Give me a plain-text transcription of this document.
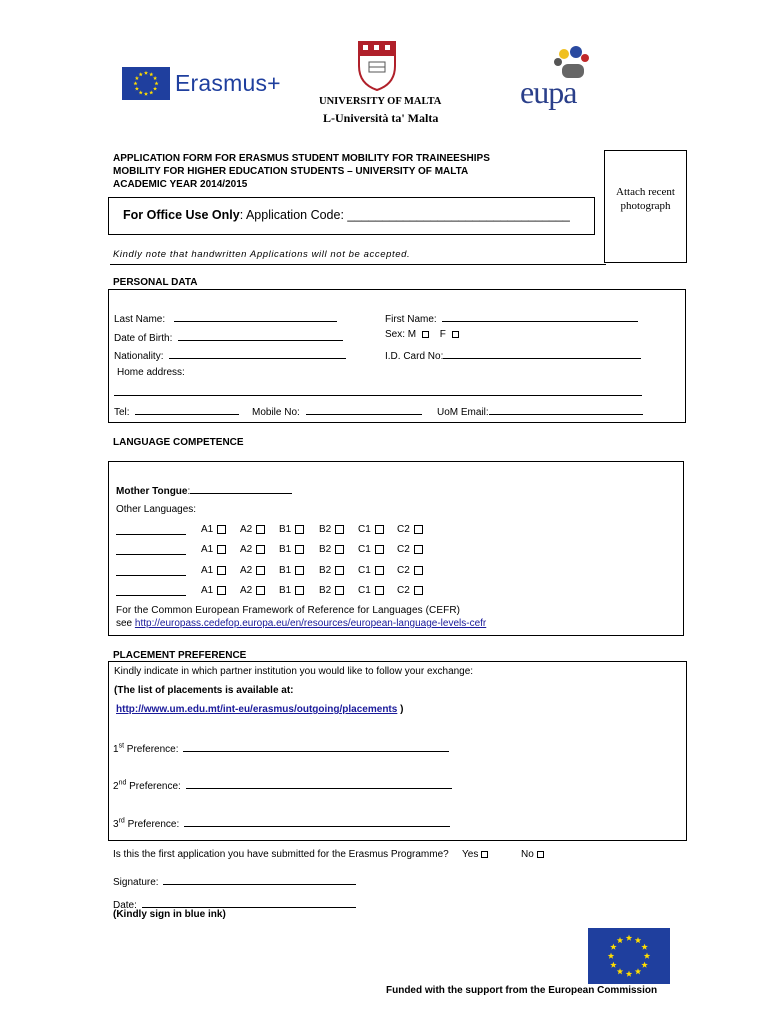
Erasmus+
UNIVERSITY OF MALTA
L-Università ta' Malta
eupa
APPLICATION FORM FOR ERASMUS STUDENT MOBILITY FOR TRAINEESHIPS
MOBILITY FOR HIGHER EDUCATION STUDENTS – UNIVERSITY OF MALTA
ACADEMIC YEAR 2014/2015
For Office Use Only: Application Code: ________________________________
Attach recent
photograph
Kindly note that handwritten Applications will not be accepted.
PERSONAL DATA
Last Name:	First Name:
Date of Birth:	Sex: M F
Nationality:	I.D. Card No:
Home address:
Tel:	Mobile No:	UoM Email:
LANGUAGE COMPETENCE
Mother Tongue:
Other Languages:
A1	A2	B1	B2	C1	C2
A1	A2	B1	B2	C1	C2
A1	A2	B1	B2	C1	C2
A1	A2	B1	B2	C1	C2
For the Common European Framework of Reference for Languages (CEFR)
see http://europass.cedefop.europa.eu/en/resources/european-language-levels-cefr
PLACEMENT PREFERENCE
Kindly indicate in which partner institution you would like to follow your exchange:
(The list of placements is available at:
http://www.um.edu.mt/int-eu/erasmus/outgoing/placements )
1st Preference:
2nd Preference:
3rd Preference:
Is this the first application you have submitted for the Erasmus Programme? Yes	No
Signature:
Date:
(Kindly sign in blue ink)
Funded with the support from the European Commission
